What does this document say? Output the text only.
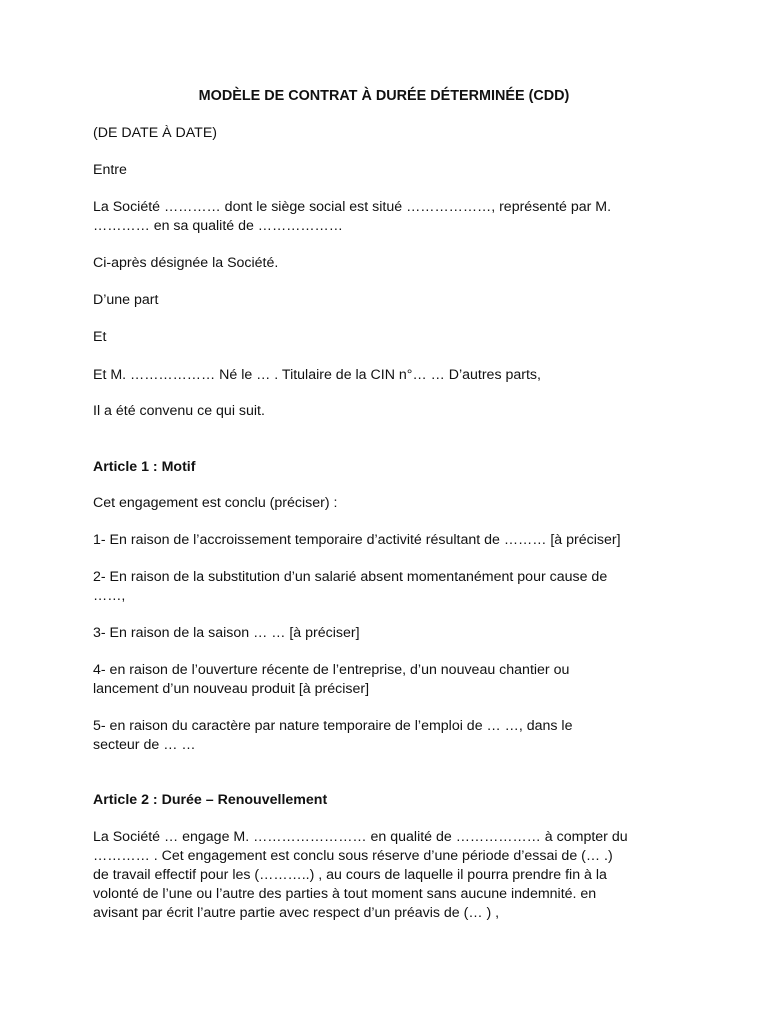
MODÈLE DE CONTRAT À DURÉE DÉTERMINÉE (CDD)

(DE DATE À DATE)

Entre

La Société ………… dont le siège social est situé ………………, représenté par M.
………… en sa qualité de ………………

Ci-après désignée la Société.

D’une part

Et

Et M. ……………… Né le … . Titulaire de la CIN n°… … D’autres parts,

Il a été convenu ce qui suit.

Article 1 : Motif

Cet engagement est conclu (préciser) :

1- En raison de l’accroissement temporaire d’activité résultant de ……… [à préciser]

2- En raison de la substitution d’un salarié absent momentanément pour cause de
……,

3- En raison de la saison … … [à préciser]

4- en raison de l’ouverture récente de l’entreprise, d’un nouveau chantier ou
lancement d’un nouveau produit [à préciser]
5- en raison du caractère par nature temporaire de l’emploi de … …, dans le
secteur de … …

Article 2 : Durée – Renouvellement

La Société … engage M. …………………… en qualité de ……………… à compter du
………… . Cet engagement est conclu sous réserve d’une période d’essai de (… .)
de travail effectif pour les (………..) , au cours de laquelle il pourra prendre fin à la
volonté de l’une ou l’autre des parties à tout moment sans aucune indemnité. en
avisant par écrit l’autre partie avec respect d’un préavis de (… ) ,
